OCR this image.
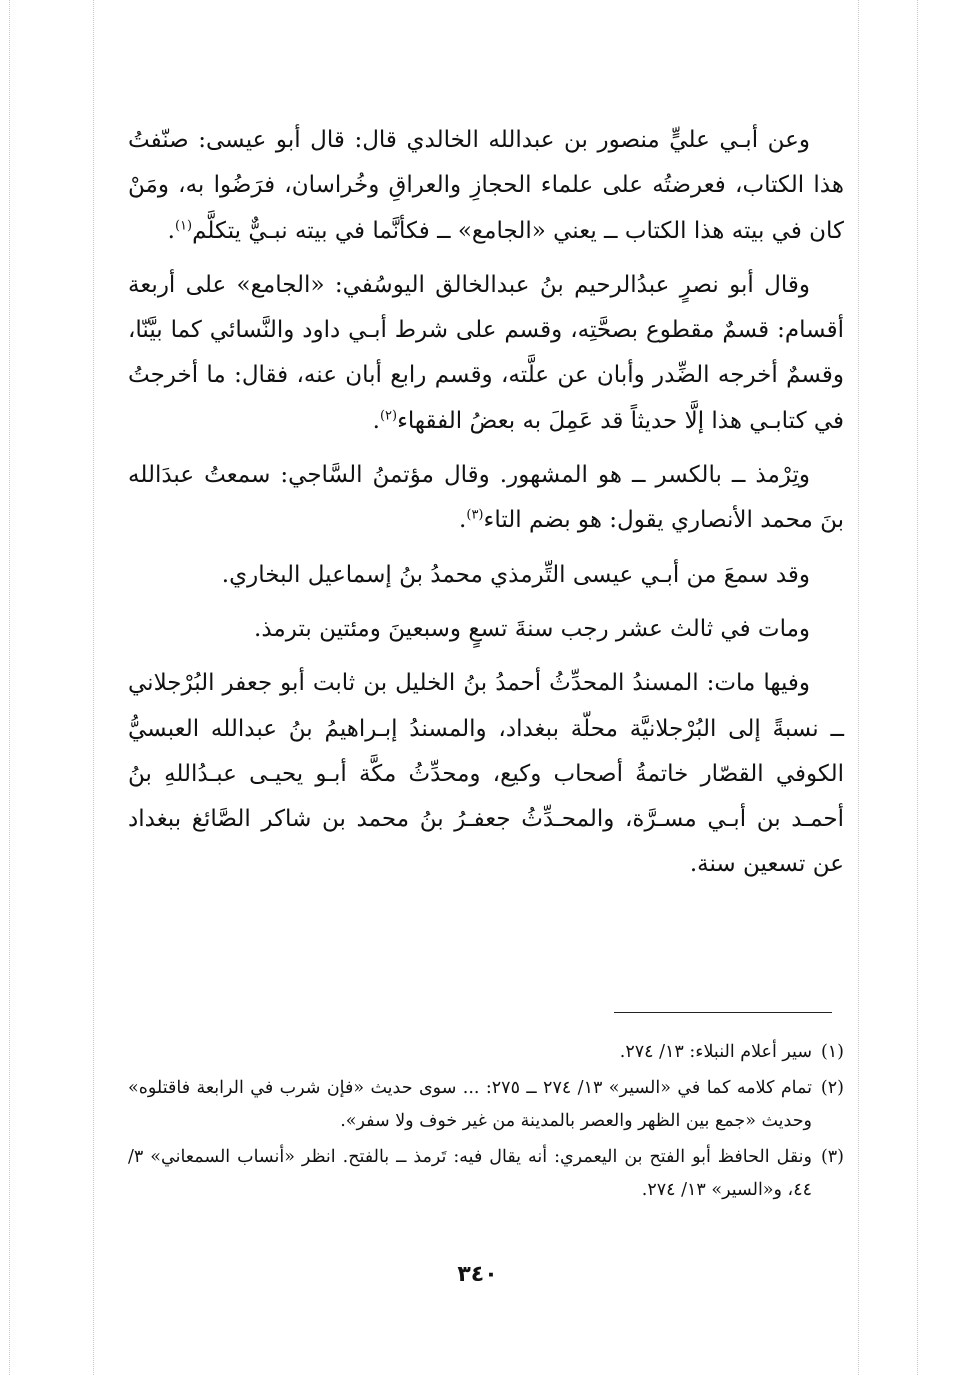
وعن أبـي عليٍّ منصور بن عبدالله الخالدي قال: قال أبو عيسى: صنّفتُ هذا الكتاب، فعرضتُه على علماء الحجازِ والعراقِ وخُراسان، فرَضُوا به، ومَنْ كان في بيته هذا الكتاب ــ يعني «الجامع» ــ فكأنَّما في بيته نبـيٌّ يتكلَّم$^{(١)}$.

وقال أبو نصرٍ عبدُالرحيم بنُ عبدالخالق اليوسُفي: «الجامع» على أربعة أقسام: قسمٌ مقطوع بصحَّتِه، وقسم على شرط أبـي داود والنَّسائي كما بيَّنّا، وقسمٌ أخرجه الضِّدر وأبان عن علَّته، وقسم رابع أبان عنه، فقال: ما أخرجتُ في كتابـي هذا إلَّا حديثاً قد عَمِلَ به بعضُ الفقهاء$^{(٢)}$.

وتِرْمذ ــ بالكسر ــ هو المشهور. وقال مؤتمنُ السَّاجي: سمعتُ عبدَالله بنَ محمد الأنصاري يقول: هو بضم التاء$^{(٣)}$.

وقد سمعَ من أبـي عيسى التِّرمذي محمدُ بنُ إسماعيل البخاري.

ومات في ثالث عشر رجب سنةَ تسعٍ وسبعينَ ومئتين بترمذ.

وفيها مات: المسندُ المحدِّثُ أحمدُ بنُ الخليل بن ثابت أبو جعفر البُرْجلاني ــ نسبةً إلى البُرْجلانيَّة محلّة ببغداد، والمسندُ إبـراهيمُ بنُ عبدالله العبسيُّ الكوفي القصّار خاتمةُ أصحاب وكيع، ومحدِّثُ مكَّة أبـو يحيـى عبـدُاللهِ بنُ أحمـد بن أبـي مسـرَّة، والمحـدِّثُ جعفـرُ بنُ محمد بن شاكر الصَّائغ ببغداد عن تسعين سنة.

(١)سير أعلام النبلاء: ١٣/ ٢٧٤.

(٢)تمام كلامه كما في «السير» ١٣/ ٢٧٤ ــ ٢٧٥: ... سوى حديث «فإن شرب في الرابعة فاقتلوه» وحديث «جمع بين الظهر والعصر بالمدينة من غير خوف ولا سفر».

(٣)ونقل الحافظ أبو الفتح بن اليعمري: أنه يقال فيه: تَرمذ ــ بالفتح. انظر «أنساب السمعاني» ٣/ ٤٤، و«السير» ١٣/ ٢٧٤.

٣٤٠
